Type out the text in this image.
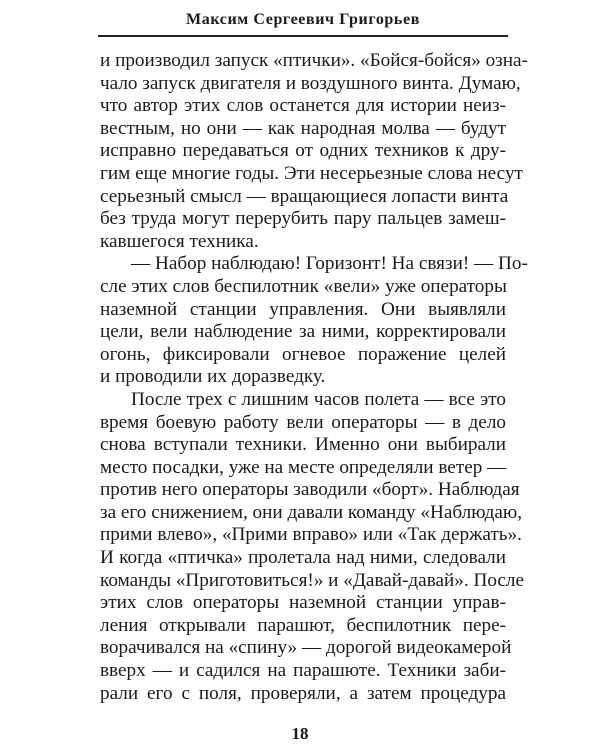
Максим Сергеевич Григорьев
и производил запуск «птички». «Бойся-бойся» озна-
чало запуск двигателя и воздушного винта. Думаю,
что автор этих слов останется для истории неиз-
вестным, но они — как народная молва — будут
исправно передаваться от одних техников к дру-
гим еще многие годы. Эти несерьезные слова несут
серьезный смысл — вращающиеся лопасти винта
без труда могут перерубить пару пальцев замеш-
кавшегося техника.
— Набор наблюдаю! Горизонт! На связи! — По-
сле этих слов беспилотник «вели» уже операторы
наземной станции управления. Они выявляли
цели, вели наблюдение за ними, корректировали
огонь, фиксировали огневое поражение целей
и проводили их доразведку.
После трех с лишним часов полета — все это
время боевую работу вели операторы — в дело
снова вступали техники. Именно они выбирали
место посадки, уже на месте определяли ветер —
против него операторы заводили «борт». Наблюдая
за его снижением, они давали команду «Наблюдаю,
прими влево», «Прими вправо» или «Так держать».
И когда «птичка» пролетала над ними, следовали
команды «Приготовиться!» и «Давай-давай». После
этих слов операторы наземной станции управ-
ления открывали парашют, беспилотник пере-
ворачивался на «спину» — дорогой видеокамерой
вверх — и садился на парашюте. Техники заби-
рали его с поля, проверяли, а затем процедура
18
